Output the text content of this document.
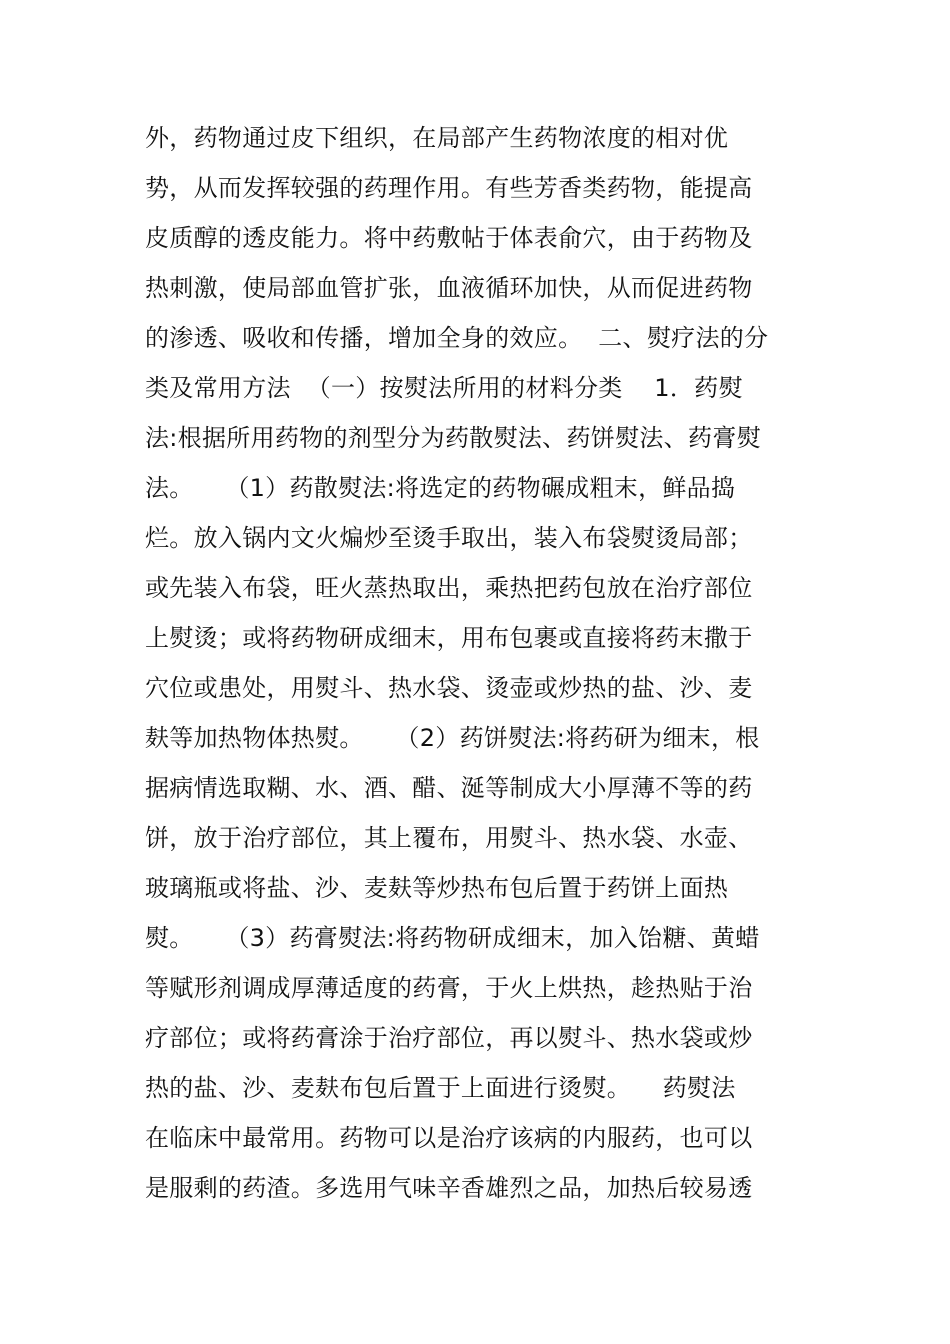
外，药物通过皮下组织，在局部产生药物浓度的相对优
势，从而发挥较强的药理作用。有些芳香类药物，能提高
皮质醇的透皮能力。将中药敷帖于体表俞穴，由于药物及
热刺激，使局部血管扩张，血液循环加快，从而促进药物
的渗透、吸收和传播，增加全身的效应。  二、熨疗法的分
类及常用方法  （一）按熨法所用的材料分类    1．药熨
法:根据所用药物的剂型分为药散熨法、药饼熨法、药膏熨
法。    （1）药散熨法:将选定的药物碾成粗末，鲜品捣
烂。放入锅内文火煸炒至烫手取出，装入布袋熨烫局部；
或先装入布袋，旺火蒸热取出，乘热把药包放在治疗部位
上熨烫；或将药物研成细末，用布包裹或直接将药末撒于
穴位或患处，用熨斗、热水袋、烫壶或炒热的盐、沙、麦
麸等加热物体热熨。    （2）药饼熨法:将药研为细末，根
据病情选取糊、水、酒、醋、涎等制成大小厚薄不等的药
饼，放于治疗部位，其上覆布，用熨斗、热水袋、水壶、
玻璃瓶或将盐、沙、麦麸等炒热布包后置于药饼上面热
熨。    （3）药膏熨法:将药物研成细末，加入饴糖、黄蜡
等赋形剂调成厚薄适度的药膏，于火上烘热，趁热贴于治
疗部位；或将药膏涂于治疗部位，再以熨斗、热水袋或炒
热的盐、沙、麦麸布包后置于上面进行烫熨。    药熨法
在临床中最常用。药物可以是治疗该病的内服药，也可以
是服剩的药渣。多选用气味辛香雄烈之品，加热后较易透
